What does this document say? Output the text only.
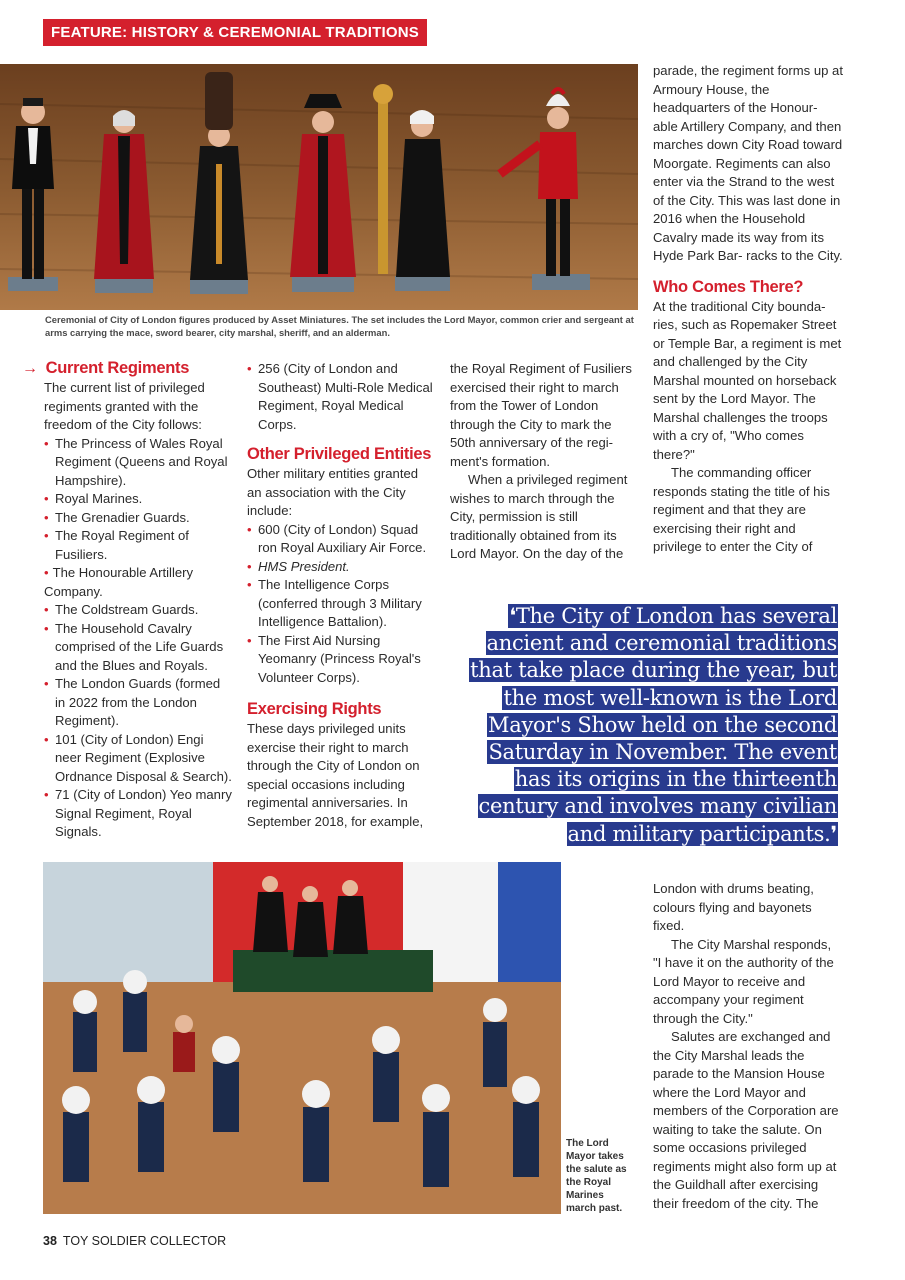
FEATURE: HISTORY & CEREMONIAL TRADITIONS
Ceremonial of City of London figures produced by Asset Miniatures. The set includes the Lord Mayor, common crier and sergeant at arms carrying the mace, sword bearer, city marshal, sheriff, and an alderman.
→ Current Regiments

The current list of privileged regiments granted with the freedom of the City follows:

• The Princess of Wales Royal Regiment (Queens and Royal Hampshire).
• Royal Marines.
• The Grenadier Guards.
• The Royal Regiment of Fusiliers.
• The Honourable Artillery Company.
• The Coldstream Guards.
• The Household Cavalry comprised of the Life Guards and the Blues and Royals.
• The London Guards (formed in 2022 from the London Regiment).
• 101 (City of London) Engi neer Regiment (Explosive Ordnance Disposal & Search).
• 71 (City of London) Yeo manry Signal Regiment, Royal Signals.
• 256 (City of London and Southeast) Multi-Role Medical Regiment, Royal Medical Corps.
Other Privileged Entities

Other military entities granted an association with the City include:

• 600 (City of London) Squad ron Royal Auxiliary Air Force.
• HMS President.
• The Intelligence Corps (conferred through 3 Military Intelligence Battalion).
• The First Aid Nursing Yeomanry (Princess Royal's Volunteer Corps).
Exercising Rights

These days privileged units exercise their right to march through the City of London on special occasions including regimental anniversaries. In September 2018, for example,

the Royal Regiment of Fusiliers exercised their right to march from the Tower of London through the City to mark the 50th anniversary of the regi- ment's formation.

When a privileged regiment wishes to march through the City, permission is still traditionally obtained from its Lord Mayor. On the day of the

parade, the regiment forms up at Armoury House, the headquarters of the Honour- able Artillery Company, and then marches down City Road toward Moorgate. Regiments can also enter via the Strand to the west of the City. This was last done in 2016 when the Household Cavalry made its way from its Hyde Park Bar- racks to the City.

Who Comes There?

At the traditional City bounda- ries, such as Ropemaker Street or Temple Bar, a regiment is met and challenged by the City Marshal mounted on horseback sent by the Lord Mayor. The Marshal challenges the troops with a cry of, "Who comes there?"

The commanding officer responds stating the title of his regiment and that they are exercising their right and privilege to enter the City of

❛The City of London has several ancient and ceremonial traditions that take place during the year, but the most well-known is the Lord Mayor's Show held on the second Saturday in November. The event has its origins in the thirteenth century and involves many civilian and military participants.❜
The Lord Mayor takes the salute as the Royal Marines march past.

London with drums beating, colours flying and bayonets fixed.

The City Marshal responds, "I have it on the authority of the Lord Mayor to receive and accompany your regiment through the City."

Salutes are exchanged and the City Marshal leads the parade to the Mansion House where the Lord Mayor and members of the Corporation are waiting to take the salute. On some occasions privileged regiments might also form up at the Guildhall after exercising their freedom of the city. The

38 TOY SOLDIER COLLECTOR
